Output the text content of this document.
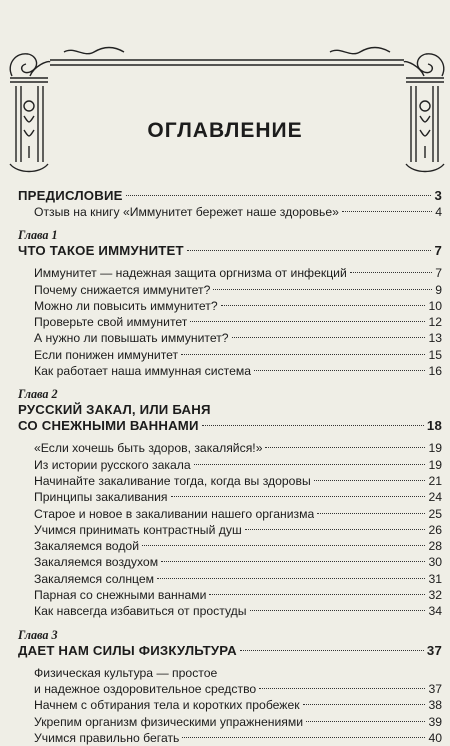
ОГЛАВЛЕНИЕ
ПРЕДИСЛОВИЕ	3
Отзыв на книгу «Иммунитет бережет наше здоровье»	4
Глава 1
ЧТО ТАКОЕ ИММУНИТЕТ	7
Иммунитет — надежная защита оргнизма от инфекций	7
Почему снижается иммунитет?	9
Можно ли повысить иммунитет?	10
Проверьте свой иммунитет	12
А нужно ли повышать иммунитет?	13
Если понижен иммунитет	15
Как работает наша иммунная система	16
Глава 2
РУССКИЙ ЗАКАЛ, ИЛИ БАНЯ
СО СНЕЖНЫМИ ВАННАМИ	18
«Если хочешь быть здоров, закаляйся!»	19
Из истории русского закала	19
Начинайте закаливание тогда, когда вы здоровы	21
Принципы закаливания	24
Старое и новое в закаливании нашего организма	25
Учимся принимать контрастный душ	26
Закаляемся водой	28
Закаляемся воздухом	30
Закаляемся солнцем	31
Парная со снежными ваннами	32
Как навсегда избавиться от простуды	34
Глава 3
ДАЕТ НАМ СИЛЫ ФИЗКУЛЬТУРА	37
Физическая культура — простое
и надежное оздоровительное средство	37
Начнем с обтирания тела и коротких пробежек	38
Укрепим организм физическими упражнениями	39
Учимся правильно бегать	40
